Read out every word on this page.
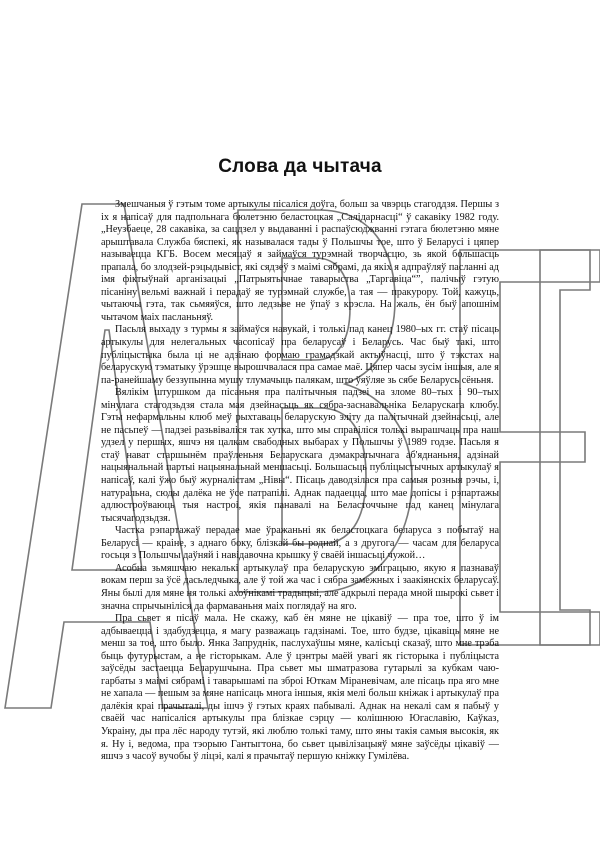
Слова да чытача

Змешчаныя ў гэтым томе артыкулы пісаліся доўга, больш за чвэрць стагоддзя. Першы з іх я напісаў для падпольнага бюлетэню беластоцкая „Салідарнасці“ ў сакавіку 1982 году. „Неузбаеце, 28 сакавіка, за сацдзел у выдаванні і распаўсюджванні гэтага бюлетэню мяне арыштавала Служба бяспекі, як называлася тады ў Польшчы тое, што ў Беларусі і цяпер называецца КГБ. Восем месяцаў я займаўся турэмнай творчасцю, зь якой большасць прапала, бо злодзей-рэцыдывіст, які сядзеў з маімі сябрамі, да якіх я адпраўляў пасланні ад імя фіктыўнай арганізацыі „Патрыятычнае таварыства „Таргавіца“”, палічыў гэтую пісаніну вельмі важнай і перадаў яе турэмнай службе, а тая — пракурору. Той, кажуць, чытаючы гэта, так сьмяяўся, што ледзьве не ўпаў з крэсла. На жаль, ён быў апошнім чытачом маіх пасланьняў.

Пасьля выхаду з турмы я займаўся навукай, і толькі пад канец 1980–ых гг. стаў пісаць артыкулы для нелегальных часопісаў пра беларусаў і Беларусь. Час быў такі, што публіцыстыка была ці не адзінаю формаю грамадзкай актыўнасці, што ў тэкстах на беларускую тэматыку ўрэшце вырошчвалася пра самае маё. Цяпер часы зусім іншыя, але я па-ранейшаму беззупынна мушу тлумачыць палякам, што ўяўляе зь сябе Беларусь сёньня.

Вялікім штуршком да пісаньня пра палітычныя падзеі на зломе 80–тых і 90–тых мінулага стагодзьдзя стала мая дзейнасьць як сябра-заснавальніка Беларускага клюбу. Гэты нефармальны клюб меў рыхтаваць беларускую эліту да палітычнай дзейнасьці, але не пасьпеў — падзеі разьвіваліся так хутка, што мы справіліся толькі вырашчаць пра наш удзел у першых, яшчэ ня цалкам свабодных выбарах у Польшчы ў 1989 годзе. Пасьля я стаў нават старшынём праўленьня Беларускага дэмакратычнага аб'яднаньня, адзінай нацыянальнай партыі нацыянальнай меншасьці. Большасьць публіцыстычных артыкулаў я напісаў, калі ўжо быў журналістам „Нівы“. Пісаць даводзілася пра самыя розныя рэчы, і, натуральна, сюды далёка не ўсе патрапілі. Аднак падаецца, што мае допісы і рэпартажы адлюстроўваюць тыя настроі, якія панавалі на Беласточчыне пад канец мінулага тысячагодзьдзя.

Частка рэпартажаў перадае мае ўражаньні як беластоцкага беларуса з побытаў на Беларусі — краіне, з аднаго боку, блізкай бы роднай, а з другога — часам для беларуса госьця з Польшчы даўняй і навідавочна крышку ў сваёй іншасьці чужой…

Асобна зьмяшчаю некалькі артыкулаў пра беларускую эміграцыю, якую я пазнаваў вокам перш за ўсё дасьледчыка, але ў той жа час і сябра замежных і заакіянскіх беларусаў. Яны былі для мяне ня толькі ахоўнікамі традыцыі, але адкрылі перада мной шырокі сьвет і значна спрычыніліся да фармаваньня маіх поглядаў на яго.

Пра сьвет я пісаў мала. Не скажу, каб ён мяне не цікавіў — пра тое, што ў ім адбываецца і здабудзецца, я магу разважаць гадзінамі. Тое, што будзе, цікавіць мяне не менш за тое, што было. Янка Запруднік, паслухаўшы мяне, калісьці сказаў, што мне трэба быць футурыстам, а не гісторыкам. Але ў цэнтры маёй увагі як гісторыка і публіцыста заўсёды застаецца Беларушчына. Пра сьвет мы шматразова гутарылі за кубкам чаю-гарбаты з маімі сябрамі і таварышамі па зброі Юткам Міраневічам, але пісаць пра яго мне не хапала — пешым за мяне напісаць многа іншыя, якія мелі больш кніжак і артыкулаў пра далёкія краі прачыталі, ды ішчэ ў гэтых краях пабывалі. Аднак на некалі сам я пабыў у сваёй час напісаліся артыкулы пра блізкае сэрцу — колішнюю Югаславію, Каўказ, Украіну, ды пра лёс народу тутэй, які люблю толькі таму, што яны такія самыя высокія, як я. Ну і, ведома, пра тэорыю Гантыгтона, бо сьвет цывілізацыяў мяне заўсёды цікавіў — яшчэ з часоў вучобы ў ліцэі, калі я прачытаў першую кніжку Гумілёва.
